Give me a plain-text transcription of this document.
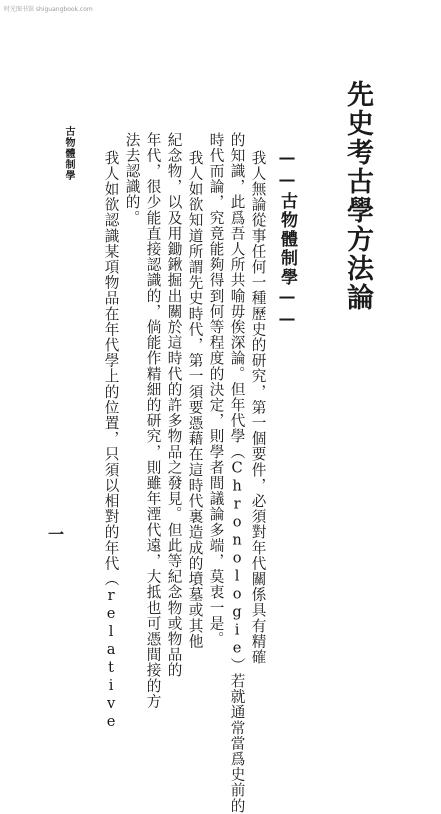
时光图书馆 shiguangbook.com
先史考古學方法論
——古物體制學——
我人無論從事任何一種歷史的研究，第一個要件，必須對年代關係具有精確
的知識，此爲吾人所共喻毋俟深論。但年代學（Chronologie）若就通常當爲史前的
時代而論，究竟能夠得到何等程度的決定，則學者間議論多端，莫衷一是。
我人如欲知道所謂先史時代，第一須要憑藉在這時代裏造成的墳墓或其他
紀念物，以及用鋤鍬掘出關於這時代的許多物品之發見。但此等紀念物或物品的
年代，很少能直接認識的，倘能作精細的研究，則雖年湮代遠，大抵也可憑間接的方
法去認識的。
我人如欲認識某項物品在年代學上的位置，只須以相對的年代（relative
古物體制學
一
